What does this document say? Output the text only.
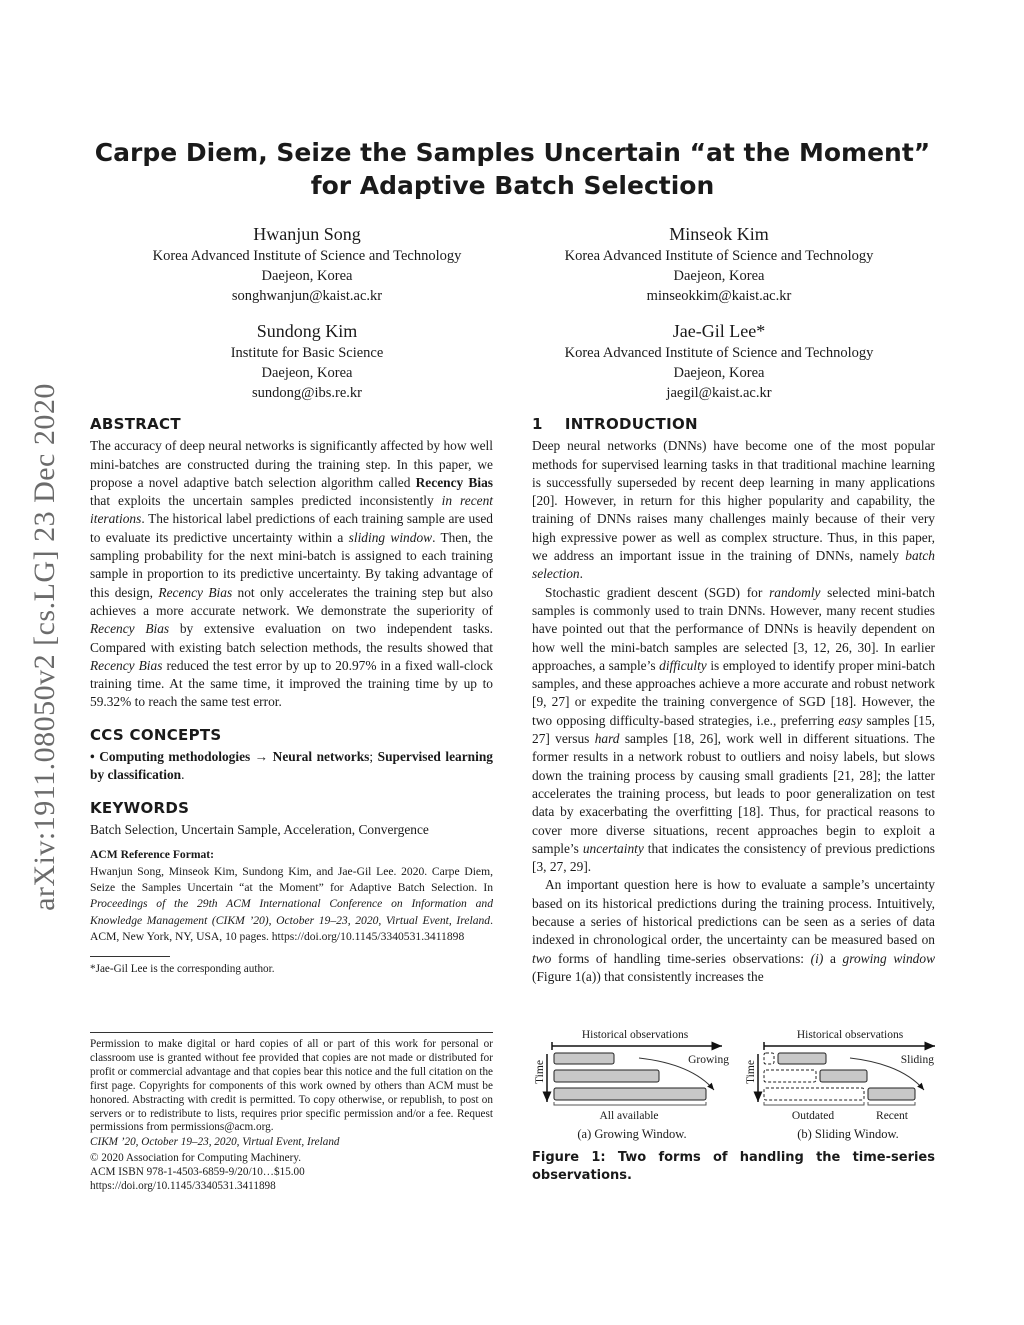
arXiv:1911.08050v2 [cs.LG] 23 Dec 2020
Carpe Diem, Seize the Samples Uncertain “at the Moment”
for Adaptive Batch Selection
Hwanjun Song
Korea Advanced Institute of Science and Technology
Daejeon, Korea
songhwanjun@kaist.ac.kr
Minseok Kim
Korea Advanced Institute of Science and Technology
Daejeon, Korea
minseokkim@kaist.ac.kr
Sundong Kim
Institute for Basic Science
Daejeon, Korea
sundong@ibs.re.kr
Jae-Gil Lee*
Korea Advanced Institute of Science and Technology
Daejeon, Korea
jaegil@kaist.ac.kr
ABSTRACT

The accuracy of deep neural networks is significantly affected by how well mini-batches are constructed during the training step. In this paper, we propose a novel adaptive batch selection algorithm called Recency Bias that exploits the uncertain samples predicted inconsistently in recent iterations. The historical label predictions of each training sample are used to evaluate its predictive uncertainty within a sliding window. Then, the sampling probability for the next mini-batch is assigned to each training sample in proportion to its predictive uncertainty. By taking advantage of this design, Recency Bias not only accelerates the training step but also achieves a more accurate network. We demonstrate the superiority of Recency Bias by extensive evaluation on two independent tasks. Compared with existing batch selection methods, the results showed that Recency Bias reduced the test error by up to 20.97% in a fixed wall-clock training time. At the same time, it improved the training time by up to 59.32% to reach the same test error.

CCS CONCEPTS

• Computing methodologies → Neural networks; Supervised learning by classification.

KEYWORDS

Batch Selection, Uncertain Sample, Acceleration, Convergence

ACM Reference Format:
Hwanjun Song, Minseok Kim, Sundong Kim, and Jae-Gil Lee. 2020. Carpe Diem, Seize the Samples Uncertain “at the Moment” for Adaptive Batch Selection. In Proceedings of the 29th ACM International Conference on Information and Knowledge Management (CIKM ’20), October 19–23, 2020, Virtual Event, Ireland. ACM, New York, NY, USA, 10 pages. https://doi.org/10.1145/3340531.3411898
*Jae-Gil Lee is the corresponding author.
Permission to make digital or hard copies of all or part of this work for personal or classroom use is granted without fee provided that copies are not made or distributed for profit or commercial advantage and that copies bear this notice and the full citation on the first page. Copyrights for components of this work owned by others than ACM must be honored. Abstracting with credit is permitted. To copy otherwise, or republish, to post on servers or to redistribute to lists, requires prior specific permission and/or a fee. Request permissions from permissions@acm.org.
CIKM ’20, October 19–23, 2020, Virtual Event, Ireland
© 2020 Association for Computing Machinery.
ACM ISBN 978-1-4503-6859-9/20/10…$15.00
https://doi.org/10.1145/3340531.3411898
1    INTRODUCTION

Deep neural networks (DNNs) have become one of the most popular methods for supervised learning tasks in that traditional machine learning is successfully superseded by recent deep learning in many applications [20]. However, in return for this higher popularity and capability, the training of DNNs raises many challenges mainly because of their very high expressive power as well as complex structure. Thus, in this paper, we address an important issue in the training of DNNs, namely batch selection.

Stochastic gradient descent (SGD) for randomly selected mini-batch samples is commonly used to train DNNs. However, many recent studies have pointed out that the performance of DNNs is heavily dependent on how well the mini-batch samples are selected [3, 12, 26, 30]. In earlier approaches, a sample’s difficulty is employed to identify proper mini-batch samples, and these approaches achieve a more accurate and robust network [9, 27] or expedite the training convergence of SGD [18]. However, the two opposing difficulty-based strategies, i.e., preferring easy samples [15, 27] versus hard samples [18, 26], work well in different situations. The former results in a network robust to outliers and noisy labels, but slows down the training process by causing small gradients [21, 28]; the latter accelerates the training process, but leads to poor generalization on test data by exacerbating the overfitting [18]. Thus, for practical reasons to cover more diverse situations, recent approaches begin to exploit a sample’s uncertainty that indicates the consistency of previous predictions [3, 27, 29].

An important question here is how to evaluate a sample’s uncertainty based on its historical predictions during the training process. Intuitively, because a series of historical predictions can be seen as a series of data indexed in chronological order, the uncertainty can be measured based on two forms of handling time-series observations: (i) a growing window (Figure 1(a)) that consistently increases the

Historical observations
Time
Growing
All available
(a) Growing Window.
Historical observations
Time
Sliding
Outdated	Recent
(b) Sliding Window.
Figure 1: Two forms of handling the time-series observations.
